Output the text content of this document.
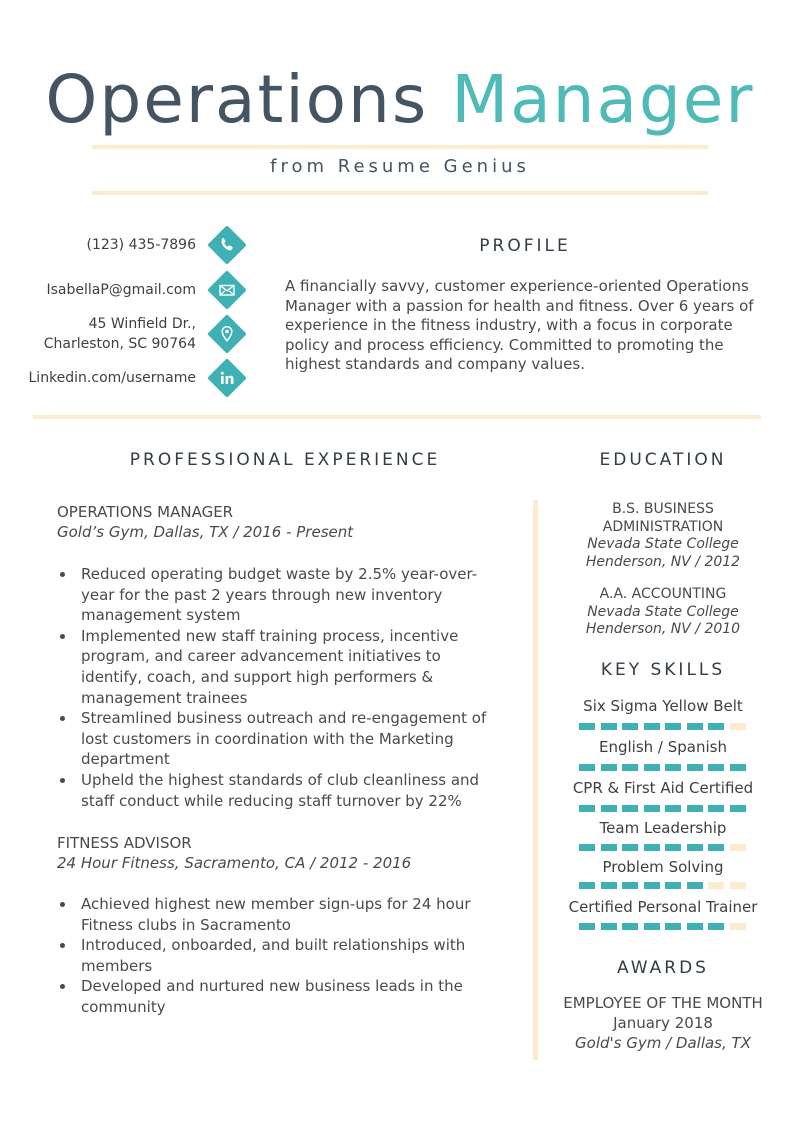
Operations Manager
from Resume Genius
(123) 435-7896
IsabellaP@gmail.com
45 Winfield Dr.,
Charleston, SC 90764
Linkedin.com/username
PROFILE
A financially savvy, customer experience-oriented Operations Manager with a passion for health and fitness. Over 6 years of experience in the fitness industry, with a focus in corporate policy and process efficiency. Committed to promoting the highest standards and company values.
PROFESSIONAL EXPERIENCE
OPERATIONS MANAGER
Gold’s Gym, Dallas, TX / 2016 - Present
Reduced operating budget waste by 2.5% year-over-year for the past 2 years through new inventory management system
Implemented new staff training process, incentive program, and career advancement initiatives to identify, coach, and support high performers & management trainees
Streamlined business outreach and re-engagement of lost customers in coordination with the Marketing department
Upheld the highest standards of club cleanliness and staff conduct while reducing staff turnover by 22%
FITNESS ADVISOR
24 Hour Fitness, Sacramento, CA / 2012 - 2016
Achieved highest new member sign-ups for 24 hour Fitness clubs in Sacramento
Introduced, onboarded, and built relationships with members
Developed and nurtured new business leads in the community
EDUCATION
B.S. BUSINESS
ADMINISTRATION
Nevada State College
Henderson, NV / 2012
A.A. ACCOUNTING
Nevada State College
Henderson, NV / 2010
KEY SKILLS
Six Sigma Yellow Belt
English / Spanish
CPR & First Aid Certified
Team Leadership
Problem Solving
Certified Personal Trainer
AWARDS
EMPLOYEE OF THE MONTH
January 2018
Gold's Gym / Dallas, TX
